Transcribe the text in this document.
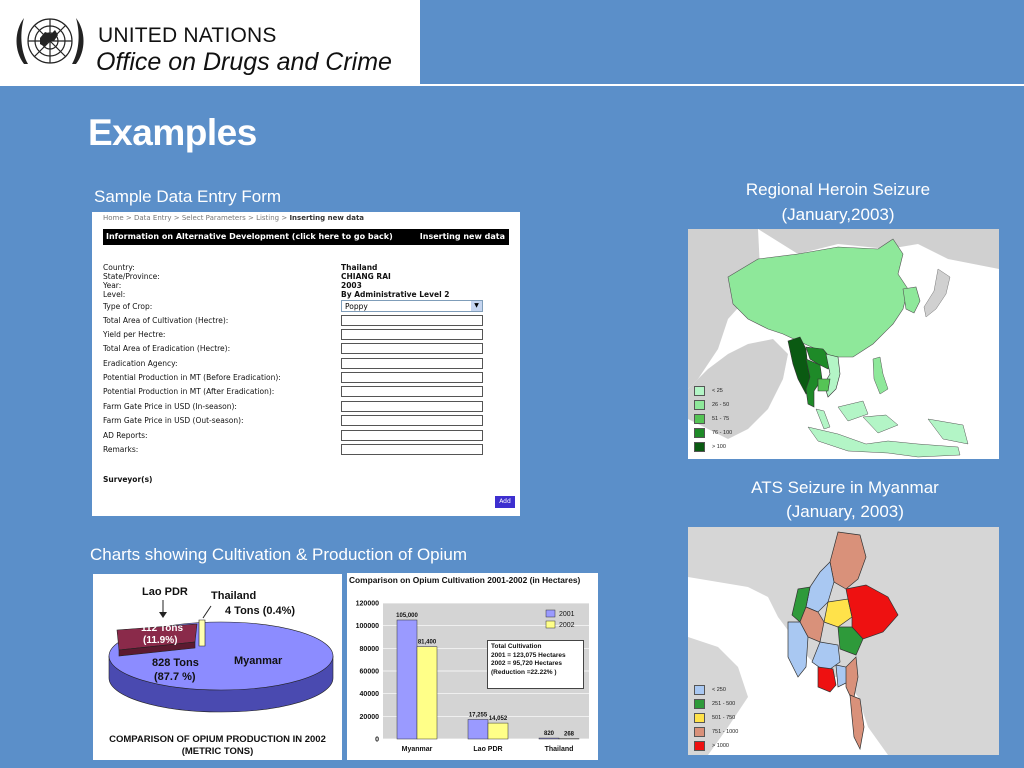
UNITED NATIONS
Office on Drugs and Crime
Examples
Sample Data Entry Form	Regional Heroin Seizure
(January,2003)
ATS Seizure in Myanmar
(January, 2003)
Charts showing Cultivation & Production of Opium
Home > Data Entry > Select Parameters > Listing > Inserting new data
Information on Alternative Development (click here to go back)	Inserting new data
Country:	Thailand
State/Province:	CHIANG RAI
Year:	2003
Level:	By Administrative Level 2
Type of Crop:	Poppy	▼
Total Area of Cultivation (Hectre):
Yield per Hectre:
Total Area of Eradication (Hectre):
Eradication Agency:
Potential Production in MT (Before Eradication):
Potential Production in MT (After Eradication):
Farm Gate Price in USD (In-season):
Farm Gate Price in USD (Out-season):
AD Reports:
Remarks:
Surveyor(s)
Add
< 25
26 - 50
51 - 75
76 - 100
> 100
< 250
251 - 500
501 - 750
751 - 1000
> 1000
Lao PDR Thailand
4 Tons (0.4%)
112 Tons
(11.9%)
828 Tons
(87.7 %)
Myanmar
COMPARISON OF OPIUM PRODUCTION IN 2002
(METRIC TONS)
Comparison on Opium Cultivation 2001-2002 (in Hectares)
120000
100000
80000
60000
40000
20000
0
Myanmar	Lao PDR	Thailand
105,000
81,400
17,255
14,052
820 268
2001
2002
Total Cultivation
2001 = 123,075 Hectares
2002 = 95,720 Hectares
(Reduction =22.22% )
